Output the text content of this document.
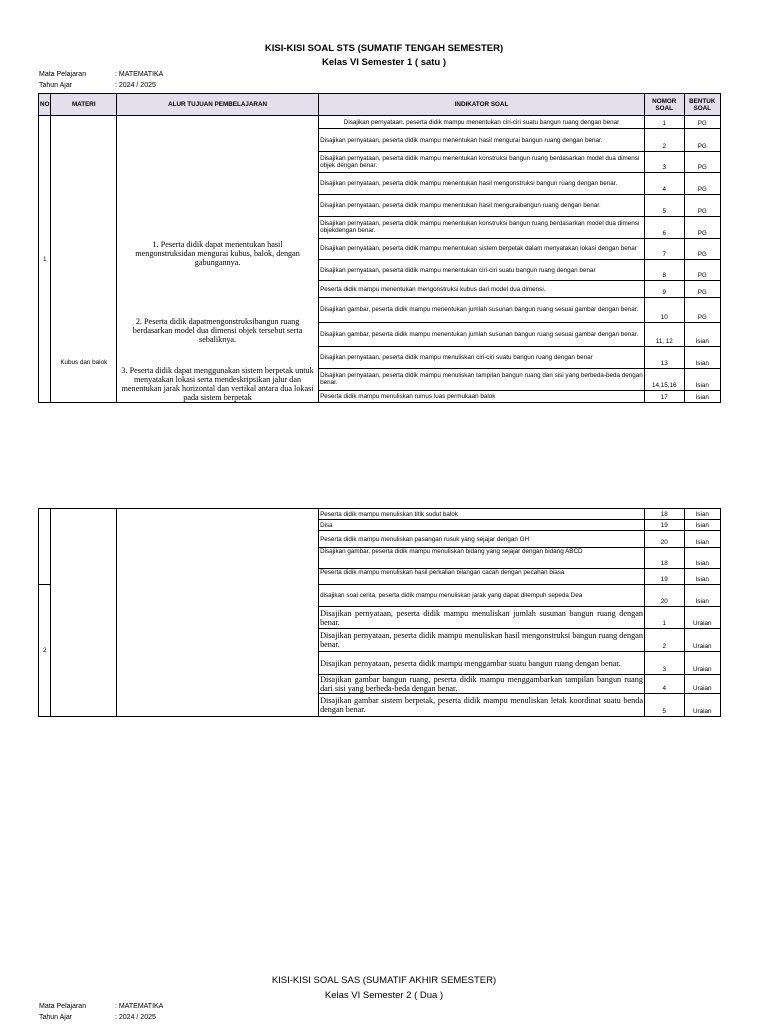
KISI-KISI SOAL STS (SUMATIF TENGAH SEMESTER)
Kelas VI Semester 1 ( satu )
Mata Pelajaran	: MATEMATIKA
Tahun Ajar	: 2024 / 2025
NO	MATERI	ALUR TUJUAN PEMBELAJARAN	INDIKATOR SOAL	NOMOR SOAL	BENTUK SOAL
1	Kubus dan balok	1. Peserta didik dapat menentukan hasil mengonstruksidan mengurai kubus, balok, dengan gabungannya.
2. Peserta didik dapatmengonstruksibangun ruang berdasarkan model dua dimensi objek tersebut serta sebaliknya.
3. Peserta didik dapat menggunakan sistem berpetak untuk menyatakan lokasi serta mendeskripsikan jalur dan menentukan jarak horizontal dan vertikal antara dua lokasi pada sistem berpetak	Disajikan pernyataan, peserta didik mampu menentukan ciri-ciri suatu bangun ruang dengan benar	1	PG
			Disajikan pernyataan, peserta didik mampu menentukan hasil mengurai bangun ruang dengan benar.	2	PG
			Disajikan pernyataan, peserta didik mampu menentukan konstruksi bangun ruang berdasarkan model dua dimensi objek dengan benar.	3	PG
			Disajikan pernyataan, peserta didik mampu menentukan hasil mengonstruksi bangun ruang dengan benar.	4	PG
			Disajikan pernyataan, peserta didik mampu menentukan hasil menguraibangun ruang dengan benar.	5	PG
			Disajikan pernyataan, peserta didik mampu menentukan konstruksi bangun ruang berdasarkan model dua dimensi objekdengan benar.	6	PG
			Disajikan pernyataan, peserta didik mampu menentukan sistem berpetak dalam menyatakan lokasi dengan benar	7	PG
			Disajikan pernyataan, peserta didik mampu menentukan ciri-ciri suatu bangun ruang dengan benar	8	PG
			Peserta didik mampu menentukan mengonstruksi kubus dari model dua dimensi.	9	PG
			Disajikan gambar, peserta didik mampu menentukan jumlah susunan bangun ruang sesuai gambar dengan benar.	10	PG
			Disajikan gambar, peserta didik mampu menentukan jumlah susunan bangun ruang sesuai gambar dengan benar.	11, 12	Isian
			Disajikan pernyataan, peserta didik mampu menuliskan ciri-ciri suatu bangun ruang dengan benar	13	Isian
			Disajikan pernyataan, peserta didik mampu menuliskan tampilan bangun ruang dari sisi yang berbeda-beda dengan benar.	14,15,16	Isian
			Peserta didik mampu menuliskan rumus luas permukaan balok	17	Isian
			Peserta didik mampu menuliskan titik sudut balok	18	Isian
			Disa	19	Isian
			Peserta didik mampu menuliskan pasangan rusuk yang sejajar dengan GH	20	Isian
			Disajikan gambar, peserta didik mampu menuliskan bidang yang sejajar dengan bidang ABCD	18	Isian
			Peserta didik mampu menuliskan hasil perkalian bilangan cacah dengan pecahan biasa	19	Isian
2			disajikan soal cerita, peserta didik mampu menuliskan jarak yang dapat ditempuh sepeda Dea	20	Isian
			Disajikan pernyataan, peserta didik mampu menuliskan jumlah susunan bangun ruang dengan benar.	1	Uraian
			Disajikan pernyataan, peserta didik mampu menuliskan hasil mengonstruksi bangun ruang dengan benar.	2	Uraian
			Disajikan pernyataan, peserta didik mampu menggambar suatu bangun ruang dengan benar.	3	Uraian
			Disajikan gambar bangun ruang, peserta didik mampu menggambarkan tampilan bangun ruang dari sisi yang berbeda-beda dengan benar.	4	Uraian
			Disajikan gambar sistem berpetak, peserta didik mampu menuliskan letak koordinat suatu benda dengan benar.	5	Uraian
KISI-KISI SOAL SAS (SUMATIF AKHIR SEMESTER)
Kelas VI Semester 2 ( Dua )
Mata Pelajaran	: MATEMATIKA
Tahun Ajar	: 2024 / 2025
